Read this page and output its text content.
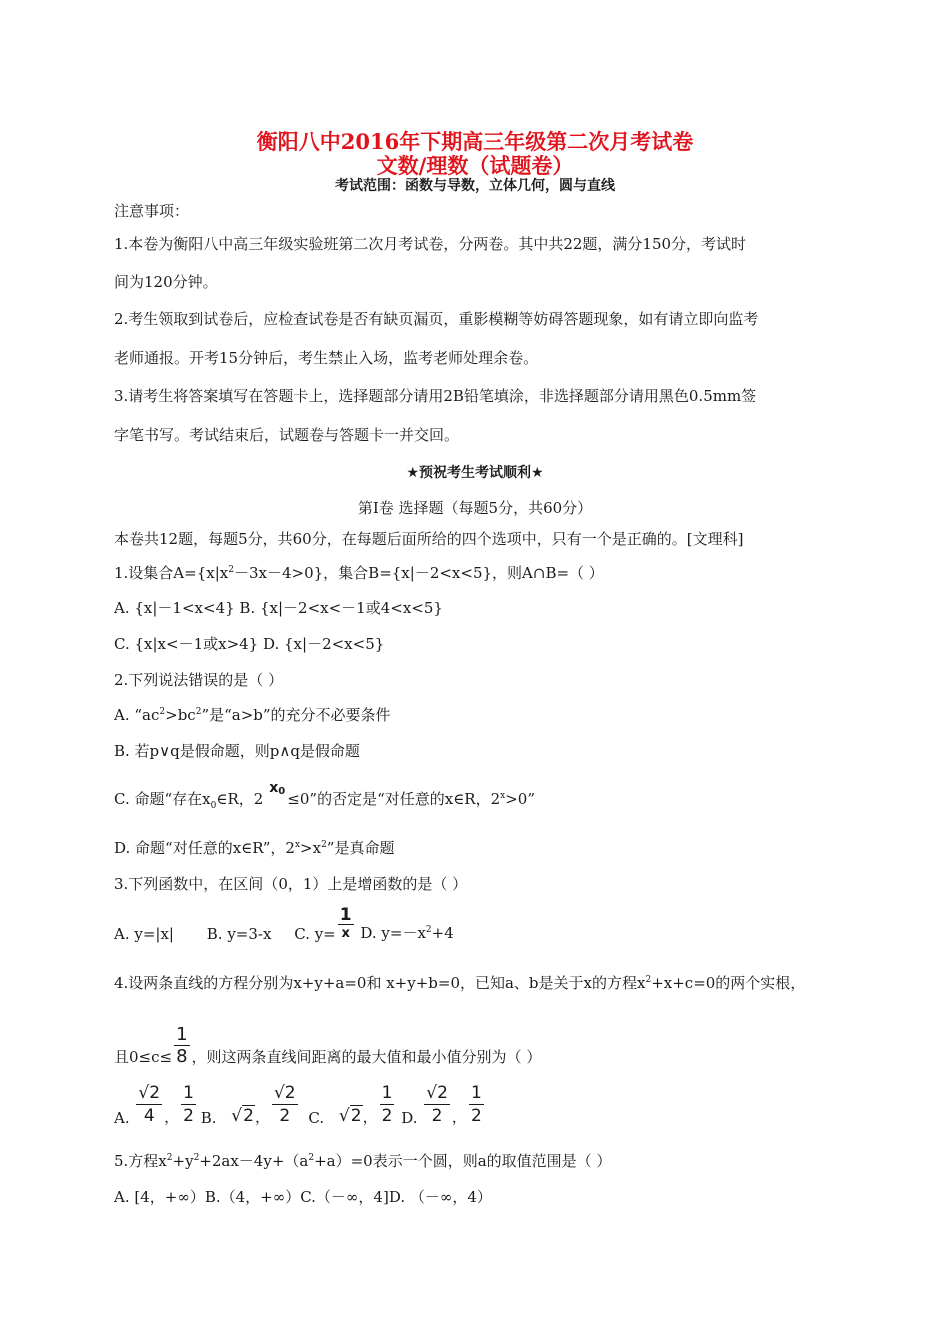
衡阳八中2016年下期高三年级第二次月考试卷
文数/理数（试题卷）
考试范围：函数与导数，立体几何，圆与直线
注意事项：
1.本卷为衡阳八中高三年级实验班第二次月考试卷，分两卷。其中共22题，满分150分，考试时
间为120分钟。
2.考生领取到试卷后，应检查试卷是否有缺页漏页，重影模糊等妨碍答题现象，如有请立即向监考
老师通报。开考15分钟后，考生禁止入场，监考老师处理余卷。
3.请考生将答案填写在答题卡上，选择题部分请用2B铅笔填涂，非选择题部分请用黑色0.5mm签
字笔书写。考试结束后，试题卷与答题卡一并交回。
★预祝考生考试顺利★
第Ⅰ卷 选择题（每题5分，共60分）
本卷共12题，每题5分，共60分，在每题后面所给的四个选项中，只有一个是正确的。[文理科]
1.设集合$A=\{x|x^2-3x-4>0\}$，集合B={x|－2<x<5}，则A∩B=（ ）
A. {x|－1<x<4} B. {x|－2<x<－1或4<x<5}
C. {x|x<－1或x>4} D. {x|－2<x<5}
2.下列说法错误的是（ ）
A. “$ac^2>bc^2$”是“a>b”的充分不必要条件
B. 若p∨q是假命题，则p∧q是假命题
C. 命题“存在$x_0\in R$，2
x 0 ≤0”的否定是“对任意的x∈R，$2^x>0$”
D. 命题“对任意的x∈R”，$2^x>x^2$”是真命题
3.下列函数中，在区间（0，1）上是增函数的是（ ）
A. y=|x| B. y=3-x C. $y= \frac{1}{x} D$. $y=-x^2+4$
4.设两条直线的方程分别为x+y+a=0和 x+y+b=0，已知a、b是关于x的方程$x^2+x+c=0$的两个实根，
且$0\le c\le \frac{1}{8}$ ，则这两条直线间距离的最大值和最小值分别为（ ）
A. $\frac{√2}{4}$ ， $\frac{1}{2} B$. √2， $\frac{√2}{2} C$. √2， $\frac{1}{2} D$. $\frac{√2}{2}$ ， $\frac{1}{2}$
5.方程$x^2+y^2+2ax-4y+(a^2+a)=0$表示一个圆，则a的取值范围是（ ）
A. [4，+∞）B.（4，+∞）C.（－∞，4]D. （－∞，4）
